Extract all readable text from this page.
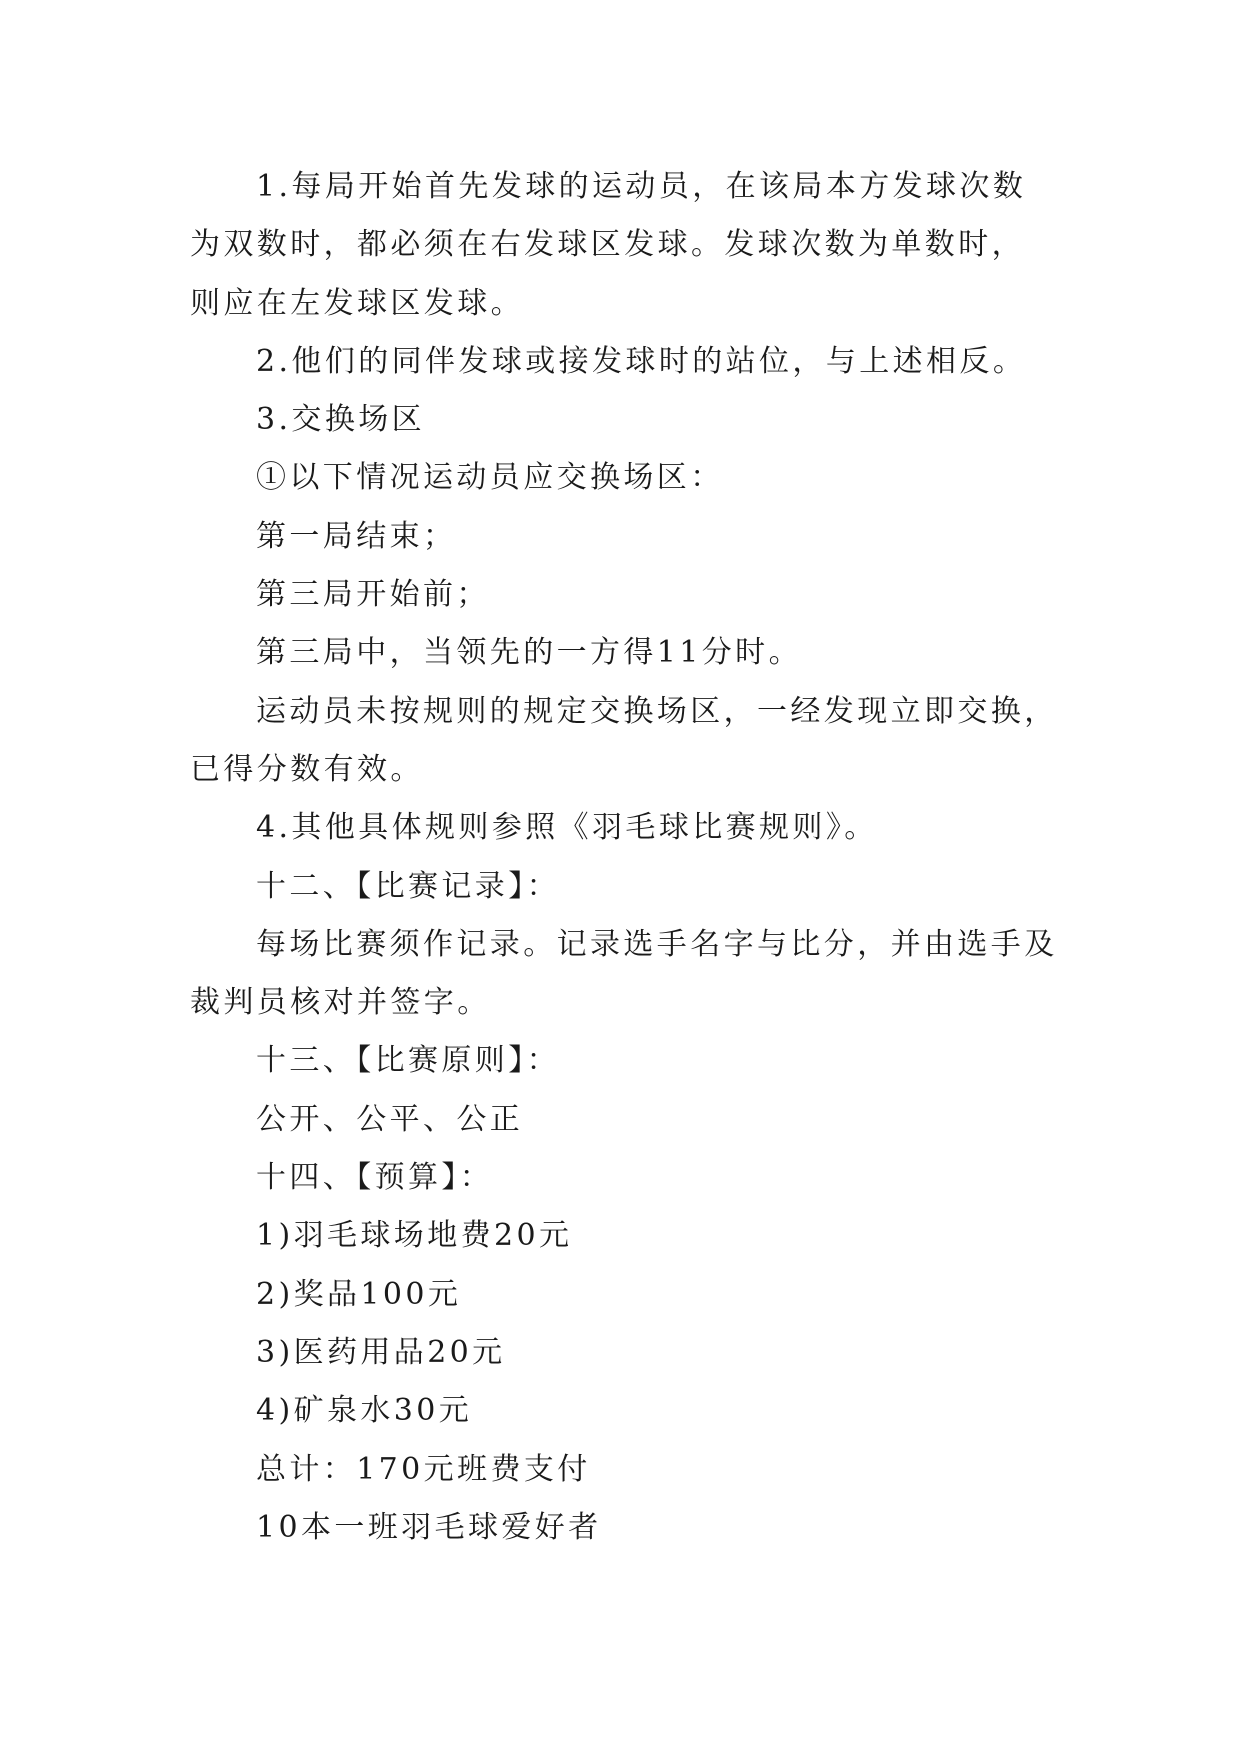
1.每局开始首先发球的运动员，在该局本方发球次数为双数时，都必须在右发球区发球。发球次数为单数时，则应在左发球区发球。

2.他们的同伴发球或接发球时的站位，与上述相反。

3.交换场区

①以下情况运动员应交换场区：

第一局结束；

第三局开始前；

第三局中，当领先的一方得11分时。

运动员未按规则的规定交换场区，一经发现立即交换，已得分数有效。

4.其他具体规则参照《羽毛球比赛规则》。

十二、【比赛记录】：

每场比赛须作记录。记录选手名字与比分，并由选手及裁判员核对并签字。

十三、【比赛原则】：

公开、公平、公正

十四、【预算】：

1)羽毛球场地费20元

2)奖品100元

3)医药用品20元

4)矿泉水30元

总计：170元班费支付

10本一班羽毛球爱好者
